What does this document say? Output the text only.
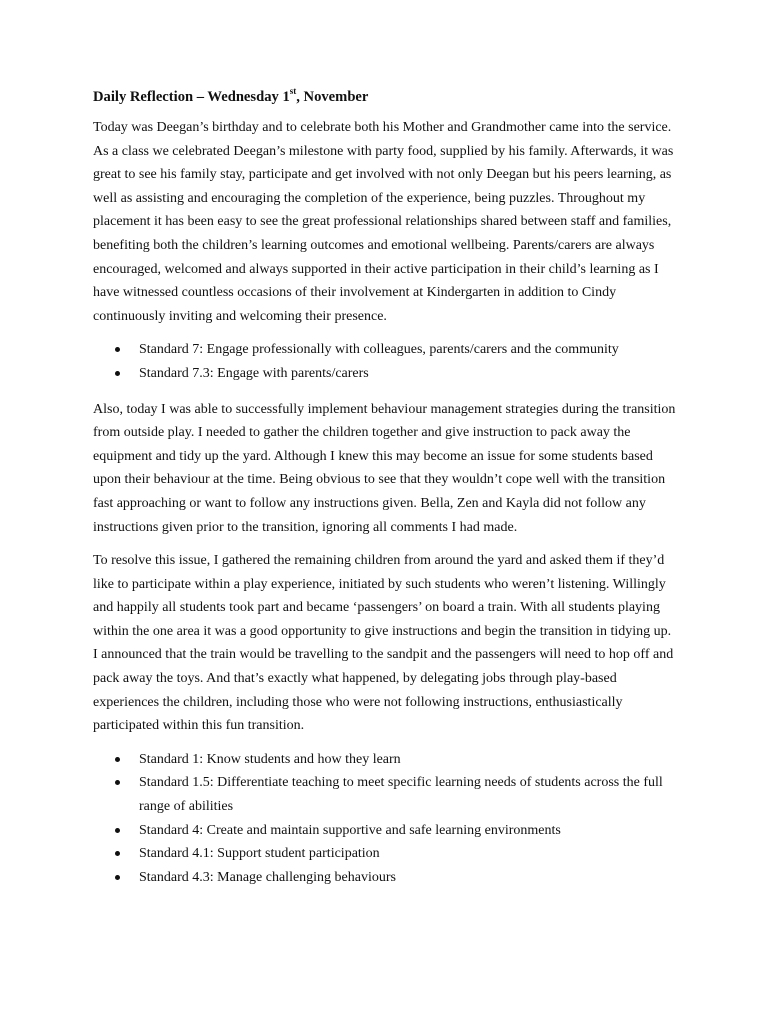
Daily Reflection – Wednesday 1st, November

Today was Deegan’s birthday and to celebrate both his Mother and Grandmother came into the service. As a class we celebrated Deegan’s milestone with party food, supplied by his family. Afterwards, it was great to see his family stay, participate and get involved with not only Deegan but his peers learning, as well as assisting and encouraging the completion of the experience, being puzzles. Throughout my placement it has been easy to see the great professional relationships shared between staff and families, benefiting both the children’s learning outcomes and emotional wellbeing. Parents/carers are always encouraged, welcomed and always supported in their active participation in their child’s learning as I have witnessed countless occasions of their involvement at Kindergarten in addition to Cindy continuously inviting and welcoming their presence.

Standard 7: Engage professionally with colleagues, parents/carers and the community
Standard 7.3: Engage with parents/carers

Also, today I was able to successfully implement behaviour management strategies during the transition from outside play. I needed to gather the children together and give instruction to pack away the equipment and tidy up the yard. Although I knew this may become an issue for some students based upon their behaviour at the time. Being obvious to see that they wouldn’t cope well with the transition fast approaching or want to follow any instructions given. Bella, Zen and Kayla did not follow any instructions given prior to the transition, ignoring all comments I had made.

To resolve this issue, I gathered the remaining children from around the yard and asked them if they’d like to participate within a play experience, initiated by such students who weren’t listening. Willingly and happily all students took part and became ‘passengers’ on board a train. With all students playing within the one area it was a good opportunity to give instructions and begin the transition in tidying up. I announced that the train would be travelling to the sandpit and the passengers will need to hop off and pack away the toys. And that’s exactly what happened, by delegating jobs through play-based experiences the children, including those who were not following instructions, enthusiastically participated within this fun transition.

Standard 1: Know students and how they learn
Standard 1.5: Differentiate teaching to meet specific learning needs of students across the full range of abilities
Standard 4: Create and maintain supportive and safe learning environments
Standard 4.1: Support student participation
Standard 4.3: Manage challenging behaviours
